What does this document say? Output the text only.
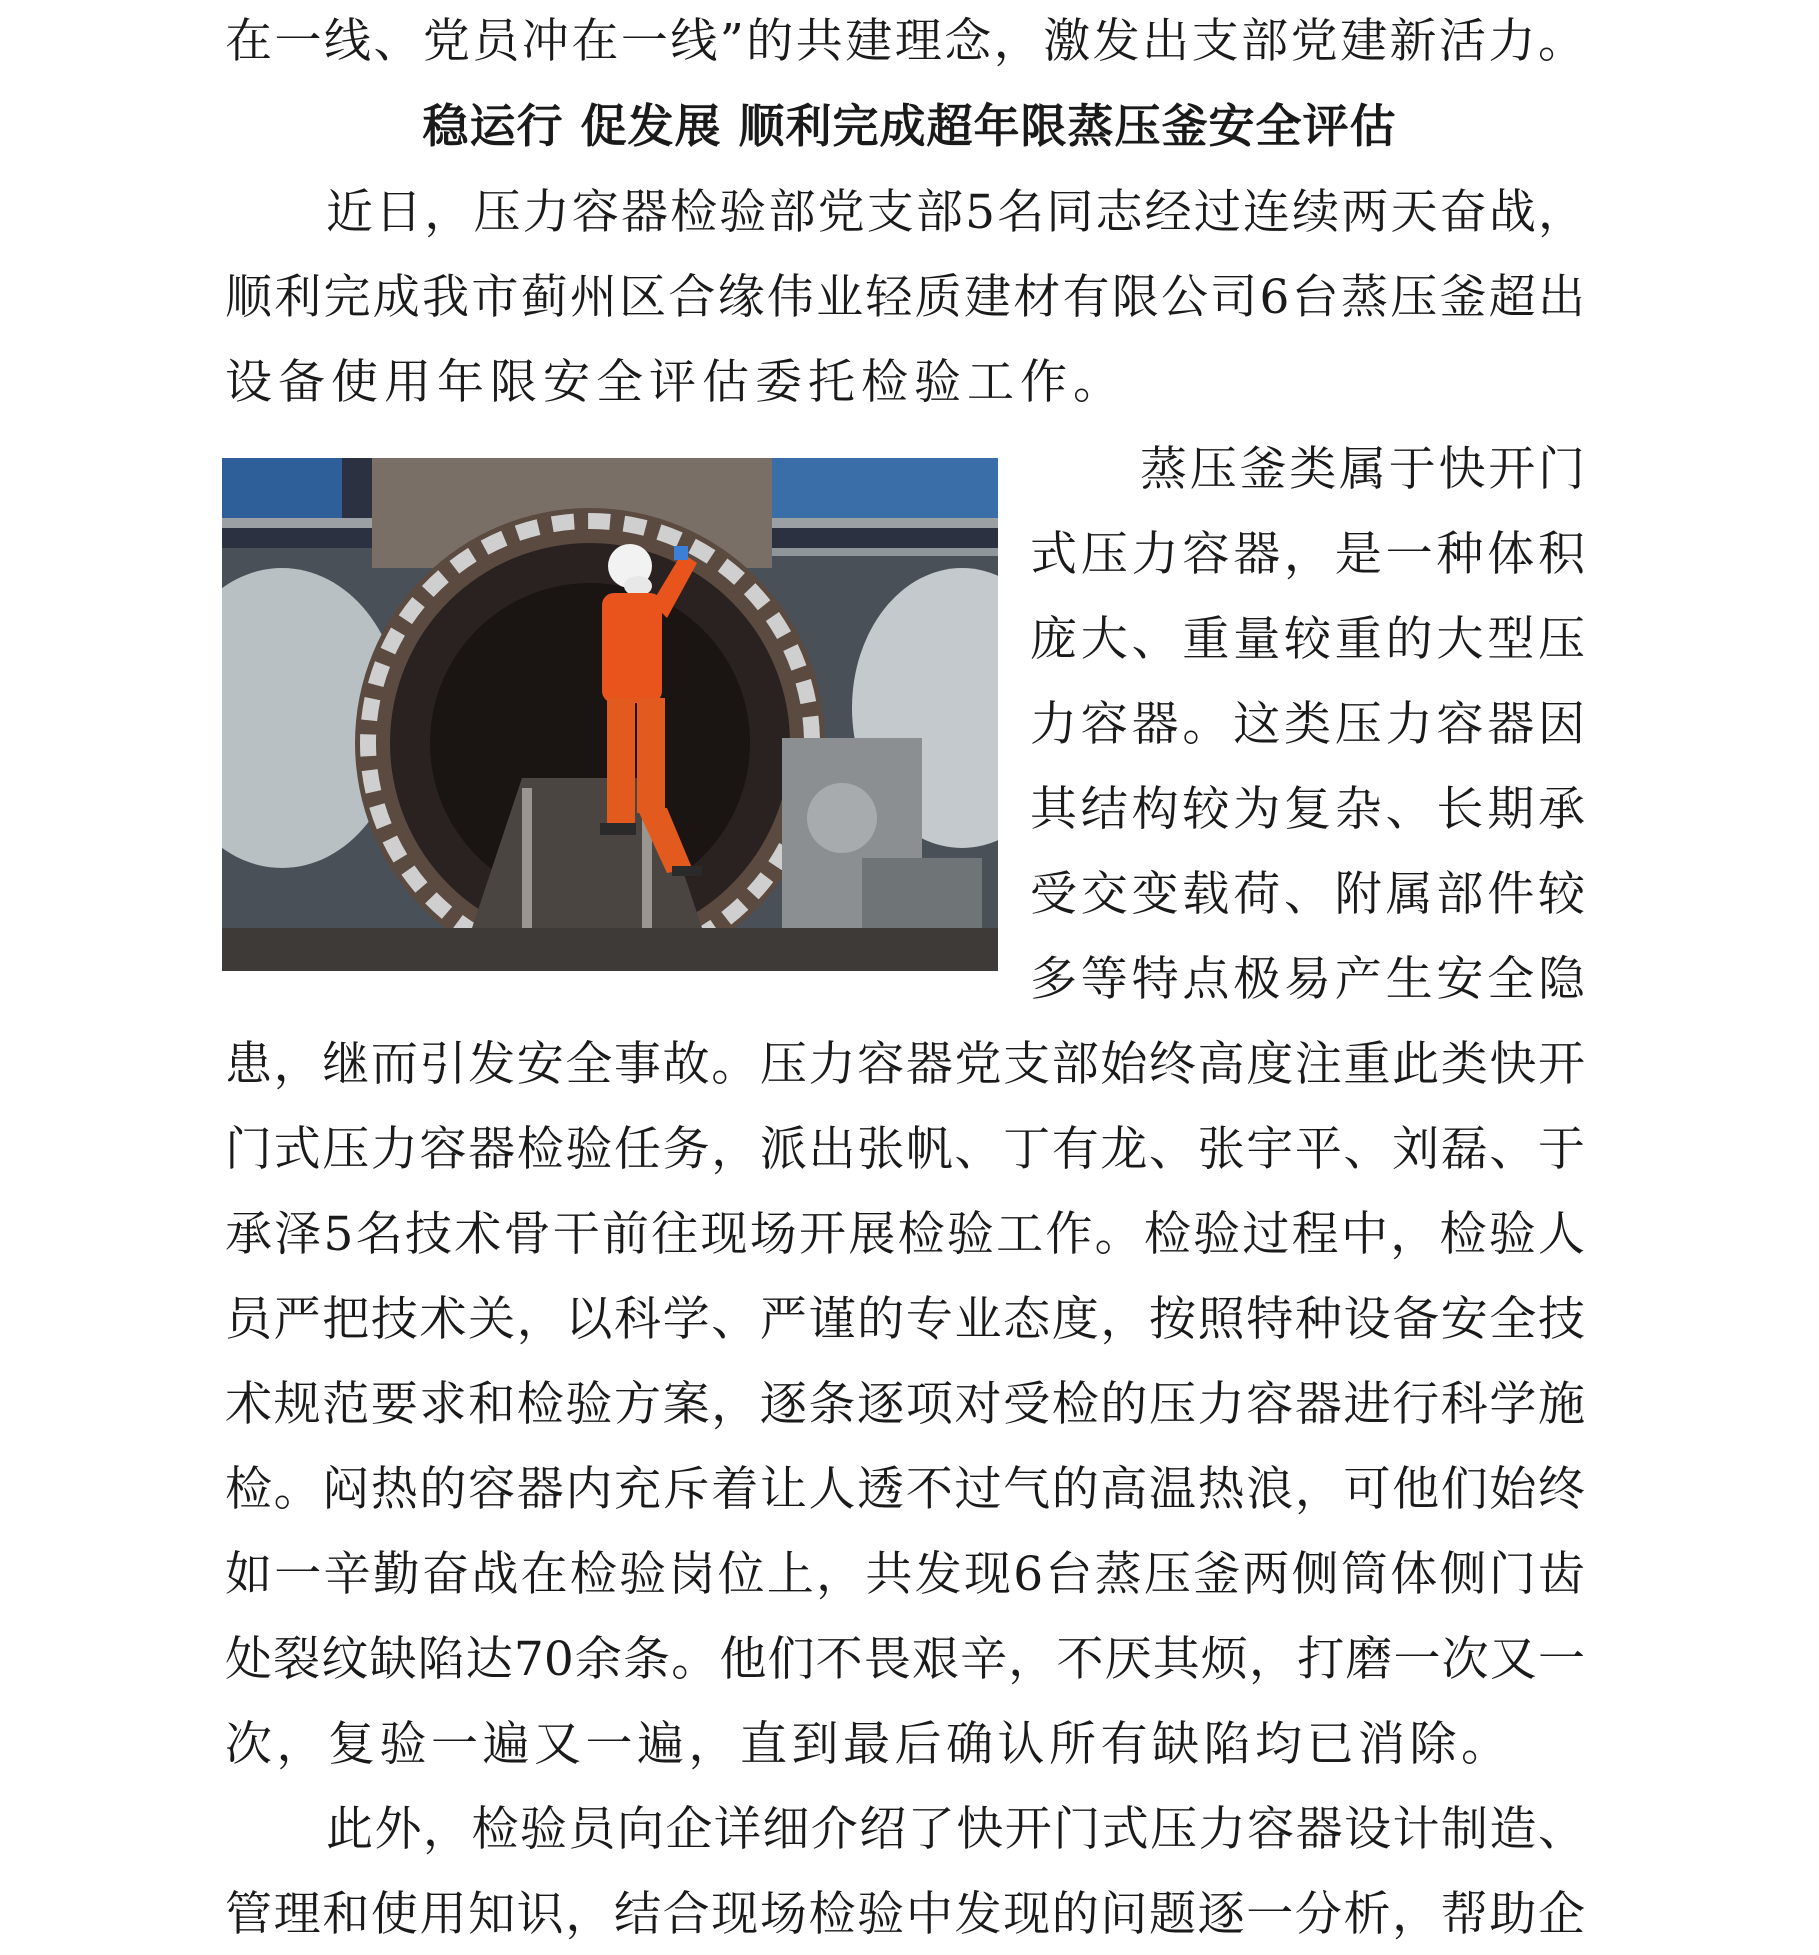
在一线、党员冲在一线”的共建理念，激发出支部党建新活力。
稳运行 促发展 顺利完成超年限蒸压釜安全评估
近日，压力容器检验部党支部5名同志经过连续两天奋战，
顺利完成我市蓟州区合缘伟业轻质建材有限公司6台蒸压釜超出
设备使用年限安全评估委托检验工作。
蒸压釜类属于快开门
式压力容器，是一种体积
庞大、重量较重的大型压
力容器。这类压力容器因
其结构较为复杂、长期承
受交变载荷、附属部件较
多等特点极易产生安全隐
患，继而引发安全事故。压力容器党支部始终高度注重此类快开
门式压力容器检验任务，派出张帆、丁有龙、张宇平、刘磊、于
承泽5名技术骨干前往现场开展检验工作。检验过程中，检验人
员严把技术关，以科学、严谨的专业态度，按照特种设备安全技
术规范要求和检验方案，逐条逐项对受检的压力容器进行科学施
检。闷热的容器内充斥着让人透不过气的高温热浪，可他们始终
如一辛勤奋战在检验岗位上，共发现6台蒸压釜两侧筒体侧门齿
处裂纹缺陷达70余条。他们不畏艰辛，不厌其烦，打磨一次又一
次，复验一遍又一遍，直到最后确认所有缺陷均已消除。
此外，检验员向企详细介绍了快开门式压力容器设计制造、
管理和使用知识，结合现场检验中发现的问题逐一分析，帮助企
